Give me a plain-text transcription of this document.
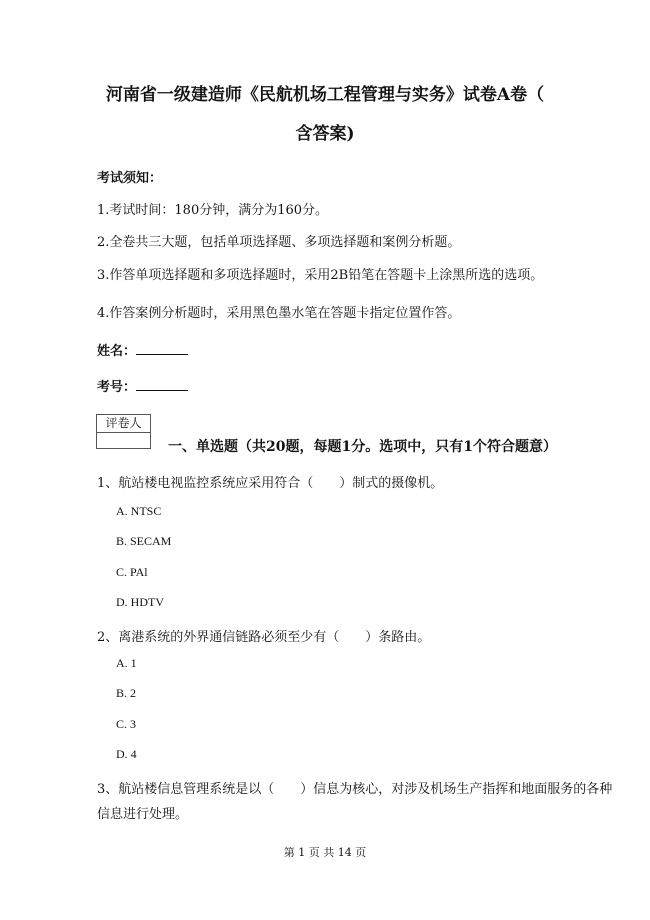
河南省一级建造师《民航机场工程管理与实务》试卷A卷（
含答案)
考试须知：
1.考试时间：180分钟，满分为160分。
2.全卷共三大题，包括单项选择题、多项选择题和案例分析题。
3.作答单项选择题和多项选择题时，采用2B铅笔在答题卡上涂黑所选的选项。
4.作答案例分析题时，采用黑色墨水笔在答题卡指定位置作答。
姓名：
考号：
评卷人
一、单选题（共20题，每题1分。选项中，只有1个符合题意）
1、航站楼电视监控系统应采用符合（　　）制式的摄像机。
A. NTSC
B. SECAM
C. PAl
D. HDTV
2、离港系统的外界通信链路必须至少有（　　）条路由。
A. 1
B. 2
C. 3
D. 4
3、航站楼信息管理系统是以（　　）信息为核心，对涉及机场生产指挥和地面服务的各种
信息进行处理。
第 1 页 共 14 页
